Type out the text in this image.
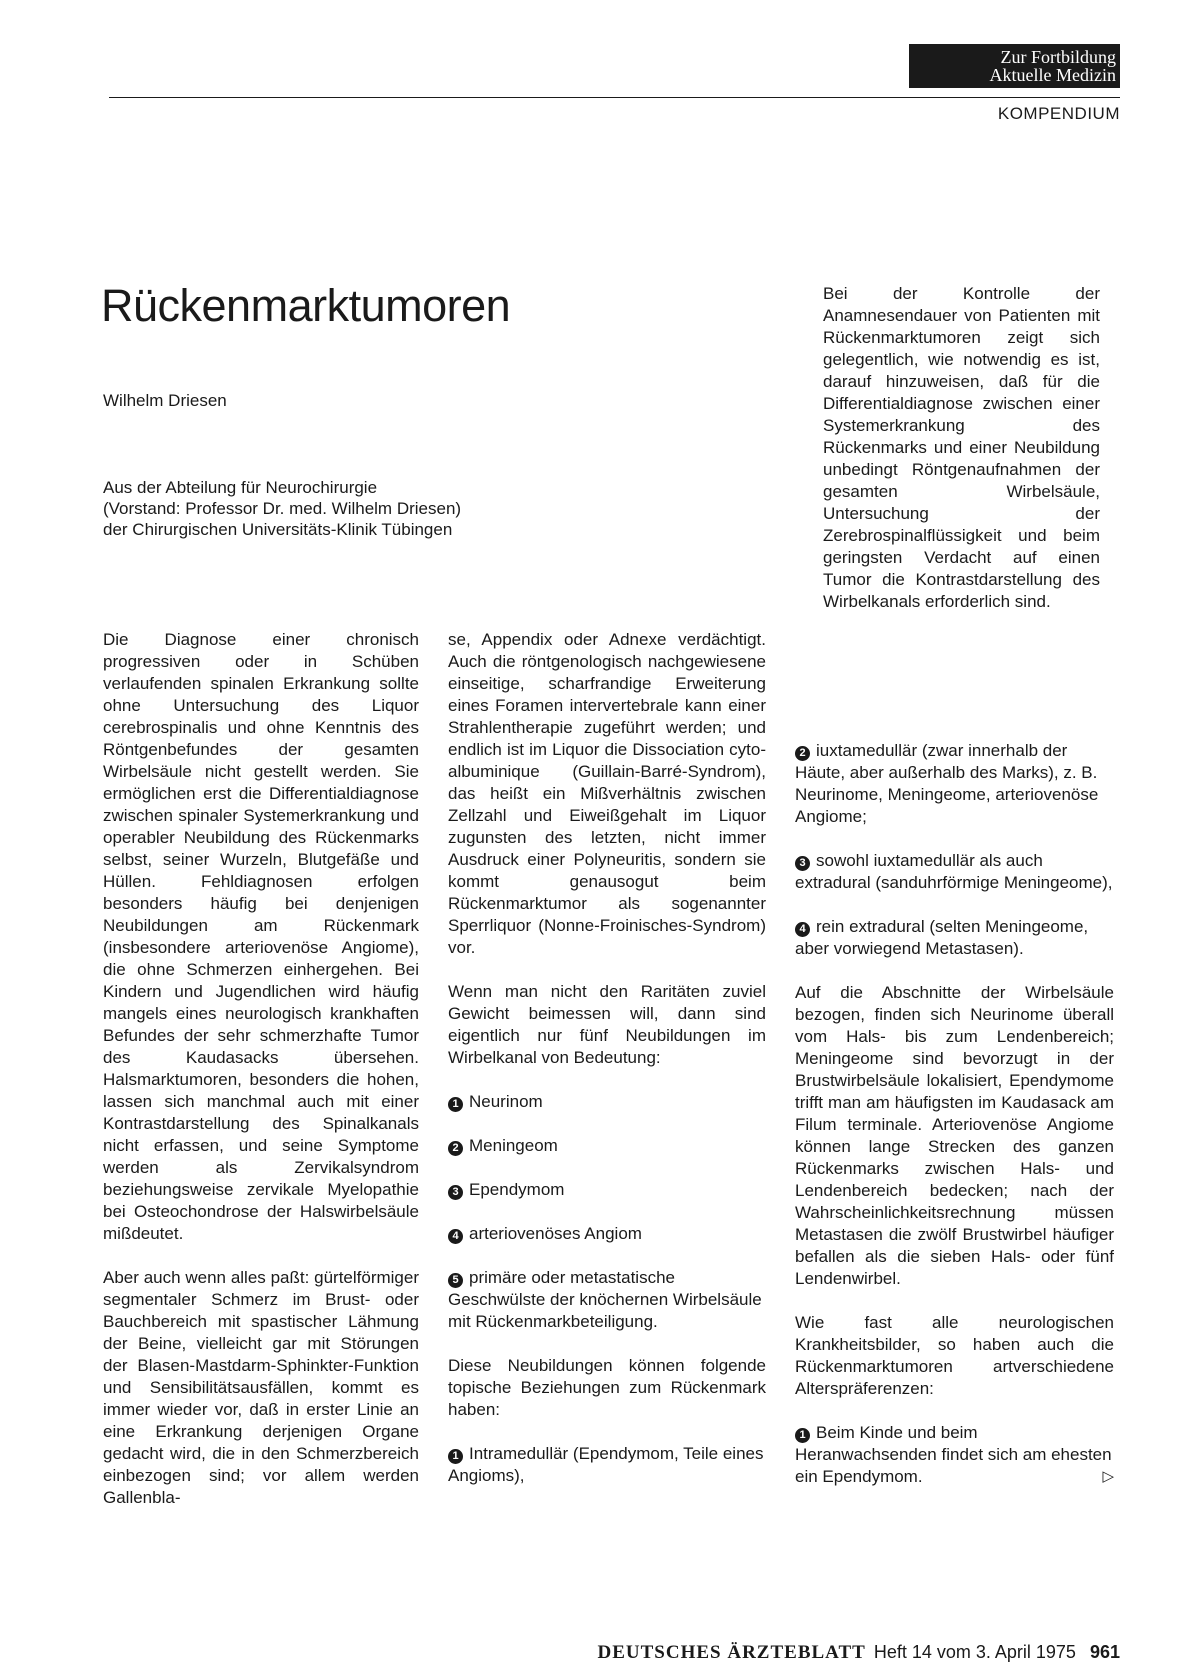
Zur Fortbildung
Aktuelle Medizin
KOMPENDIUM
Rückenmarktumoren
Wilhelm Driesen
Aus der Abteilung für Neurochirurgie
(Vorstand: Professor Dr. med. Wilhelm Driesen)
der Chirurgischen Universitäts-Klinik Tübingen

Bei der Kontrolle der Anamnesendauer von Patienten mit Rückenmarktumoren zeigt sich gelegentlich, wie notwendig es ist, darauf hinzuweisen, daß für die Differentialdiagnose zwischen einer Systemerkrankung des Rückenmarks und einer Neubildung unbedingt Röntgenaufnahmen der gesamten Wirbelsäule, Untersuchung der Zerebrospinalflüssigkeit und beim geringsten Verdacht auf einen Tumor die Kontrastdarstellung des Wirbelkanals erforderlich sind.

Die Diagnose einer chronisch progressiven oder in Schüben verlaufenden spinalen Erkrankung sollte ohne Untersuchung des Liquor cerebrospinalis und ohne Kenntnis des Röntgenbefundes der gesamten Wirbelsäule nicht gestellt werden. Sie ermöglichen erst die Differentialdiagnose zwischen spinaler Systemerkrankung und operabler Neubildung des Rückenmarks selbst, seiner Wurzeln, Blutgefäße und Hüllen. Fehldiagnosen erfolgen besonders häufig bei denjenigen Neubildungen am Rückenmark (insbesondere arteriovenöse Angiome), die ohne Schmerzen einhergehen. Bei Kindern und Jugendlichen wird häufig mangels eines neurologisch krankhaften Befundes der sehr schmerzhafte Tumor des Kaudasacks übersehen. Halsmarktumoren, besonders die hohen, lassen sich manchmal auch mit einer Kontrastdarstellung des Spinalkanals nicht erfassen, und seine Symptome werden als Zervikalsyndrom beziehungsweise zervikale Myelopathie bei Osteochondrose der Halswirbelsäule mißdeutet.

Aber auch wenn alles paßt: gürtelförmiger segmentaler Schmerz im Brust- oder Bauchbereich mit spastischer Lähmung der Beine, vielleicht gar mit Störungen der Blasen-Mastdarm-Sphinkter-Funktion und Sensibilitätsausfällen, kommt es immer wieder vor, daß in erster Linie an eine Erkrankung derjenigen Organe gedacht wird, die in den Schmerzbereich einbezogen sind; vor allem werden Gallenbla-

se, Appendix oder Adnexe verdächtigt. Auch die röntgenologisch nachgewiesene einseitige, scharfrandige Erweiterung eines Foramen intervertebrale kann einer Strahlentherapie zugeführt werden; und endlich ist im Liquor die Dissociation cyto-albuminique (Guillain-Barré-Syndrom), das heißt ein Mißverhältnis zwischen Zellzahl und Eiweißgehalt im Liquor zugunsten des letzten, nicht immer Ausdruck einer Polyneuritis, sondern sie kommt genausogut beim Rückenmarktumor als sogenannter Sperrliquor (Nonne-Froinisches-Syndrom) vor.

Wenn man nicht den Raritäten zuviel Gewicht beimessen will, dann sind eigentlich nur fünf Neubildungen im Wirbelkanal von Bedeutung:

1 Neurinom
2 Meningeom
3 Ependymom
4 arteriovenöses Angiom
5 primäre oder metastatische Geschwülste der knöchernen Wirbelsäule mit Rückenmarkbeteiligung.

Diese Neubildungen können folgende topische Beziehungen zum Rückenmark haben:

1 Intramedullär (Ependymom, Teile eines Angioms),
2 iuxtamedullär (zwar innerhalb der Häute, aber außerhalb des Marks), z. B. Neurinome, Meningeome, arteriovenöse Angiome;
3 sowohl iuxtamedullär als auch extradural (sanduhrförmige Meningeome),
4 rein extradural (selten Meningeome, aber vorwiegend Metastasen).

Auf die Abschnitte der Wirbelsäule bezogen, finden sich Neurinome überall vom Hals- bis zum Lendenbereich; Meningeome sind bevorzugt in der Brustwirbelsäule lokalisiert, Ependymome trifft man am häufigsten im Kaudasack am Filum terminale. Arteriovenöse Angiome können lange Strecken des ganzen Rückenmarks zwischen Hals- und Lendenbereich bedecken; nach der Wahrscheinlichkeitsrechnung müssen Metastasen die zwölf Brustwirbel häufiger befallen als die sieben Hals- oder fünf Lendenwirbel.

Wie fast alle neurologischen Krankheitsbilder, so haben auch die Rückenmarktumoren artverschiedene Alterspräferenzen:

1 Beim Kinde und beim Heranwachsenden findet sich am ehesten ein Ependymom.	▷
DEUTSCHES ÄRZTEBLATT Heft 14 vom 3. April 1975 961
